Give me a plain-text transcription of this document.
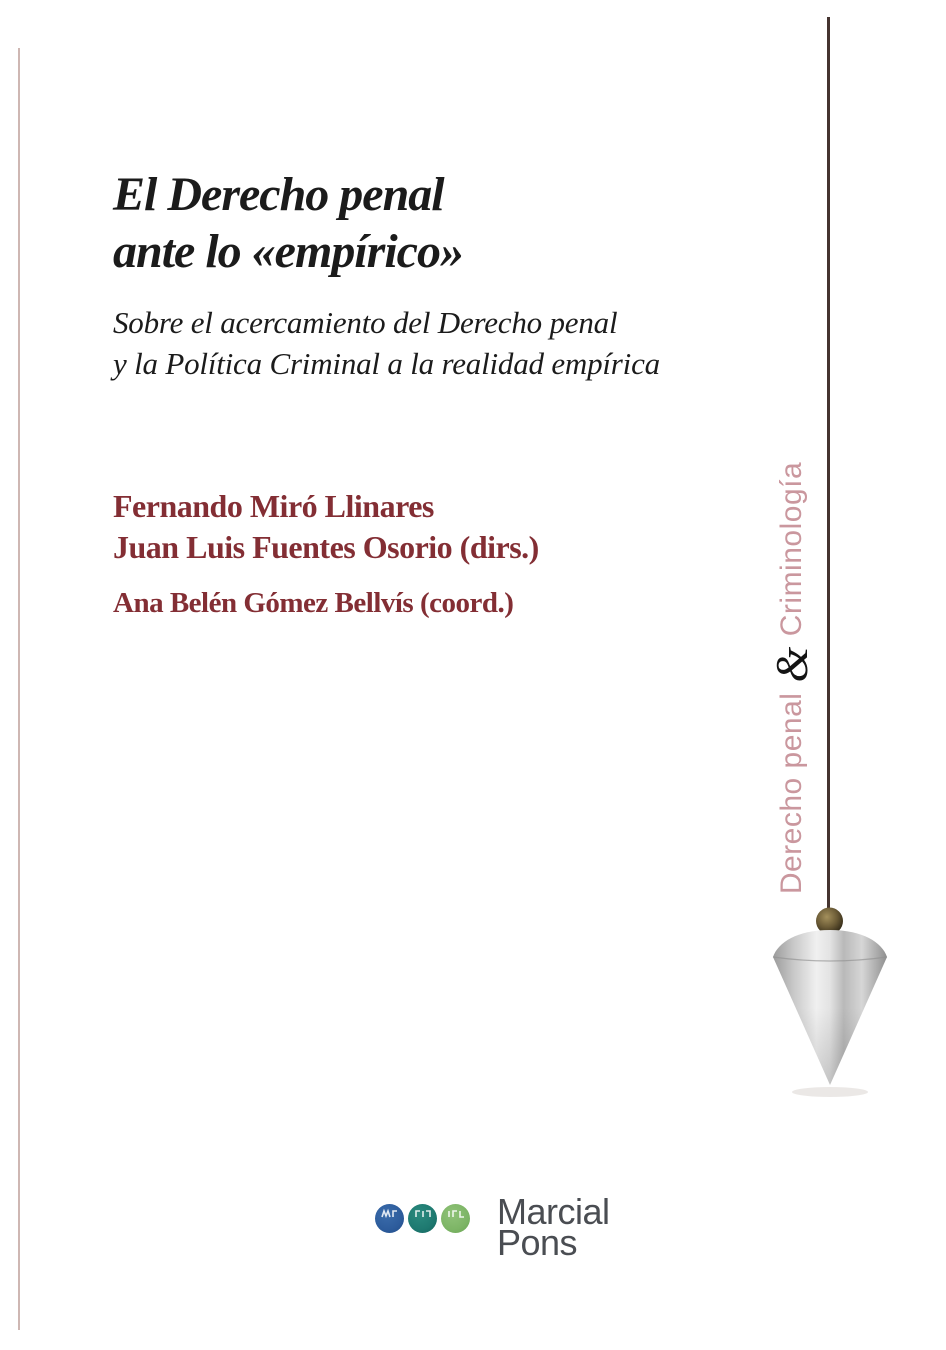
El Derecho penal
ante lo «empírico»
Sobre el acercamiento del Derecho penal
y la Política Criminal a la realidad empírica
Fernando Miró Llinares
Juan Luis Fuentes Osorio (dirs.)
Ana Belén Gómez Bellvís (coord.)
Derecho penal
&
Criminología
Marcial
Pons
